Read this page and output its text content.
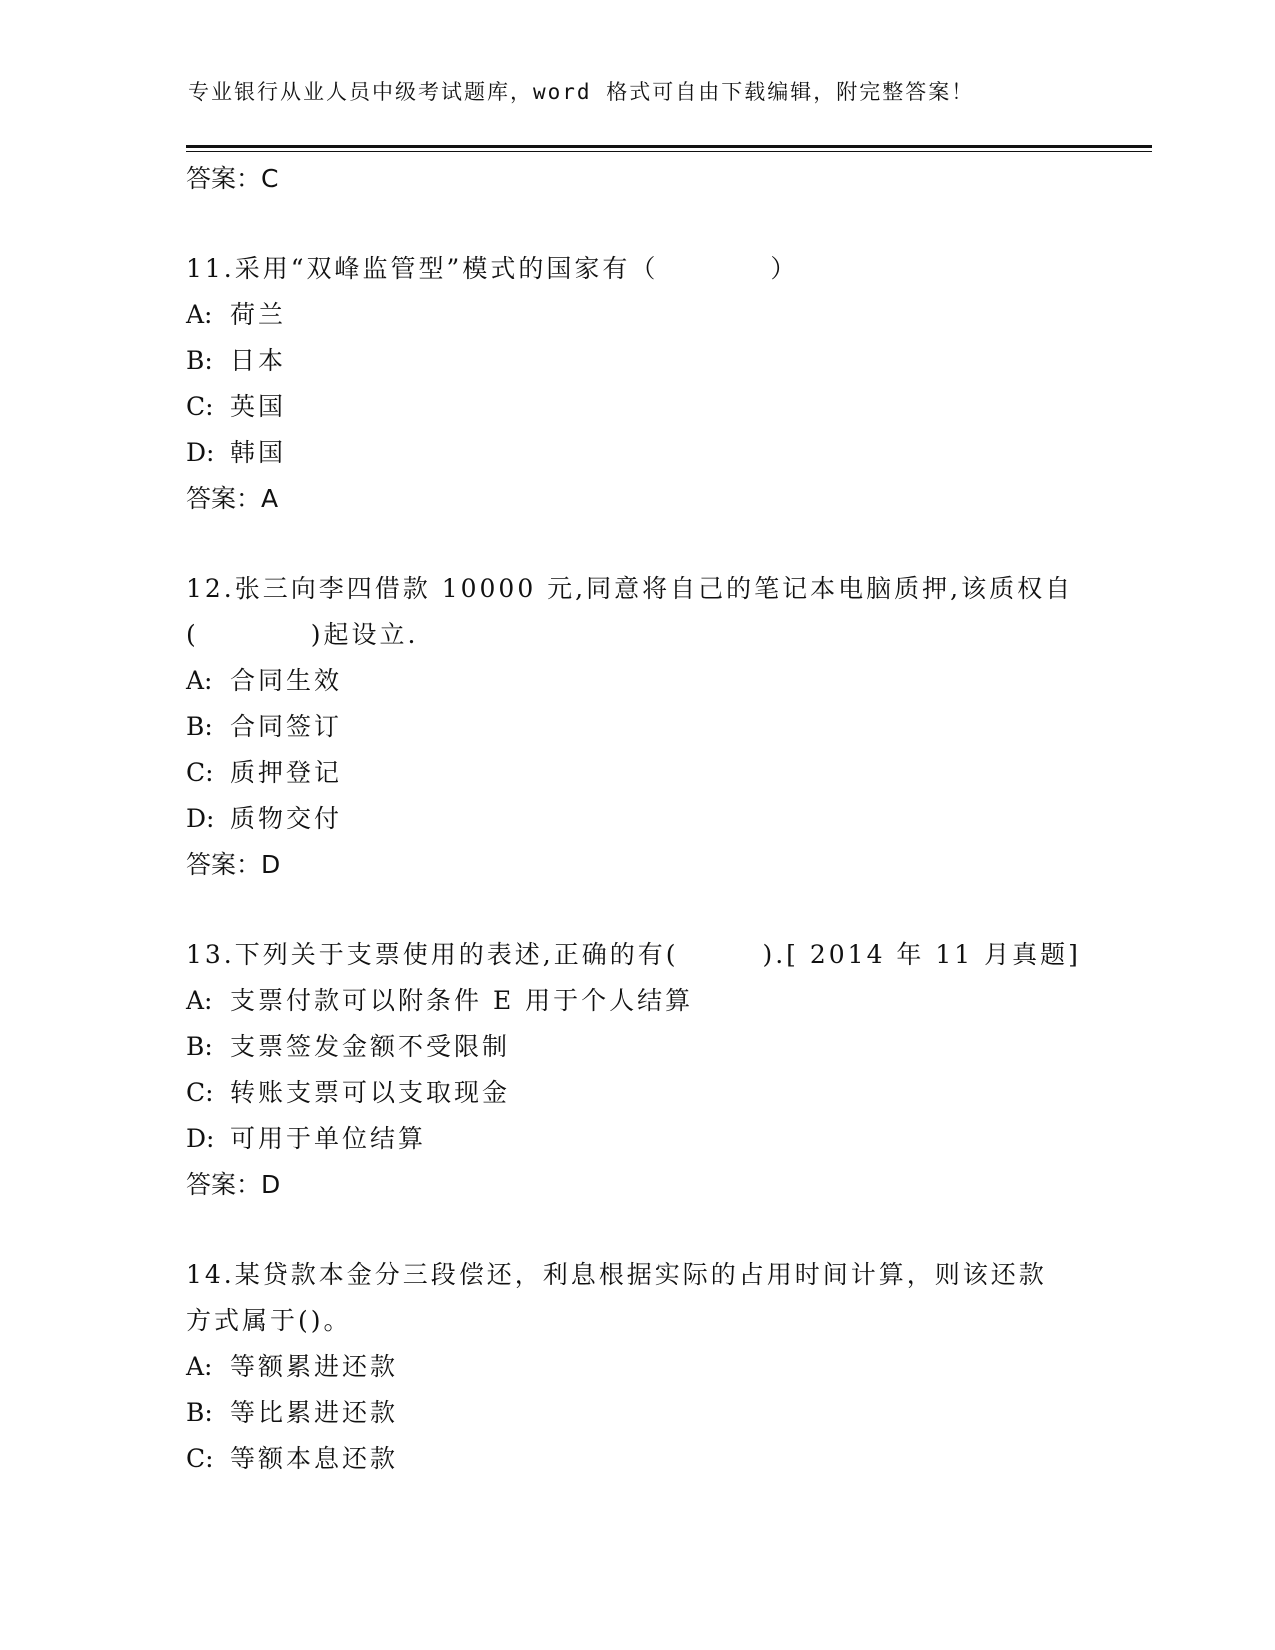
专业银行从业人员中级考试题库，word 格式可自由下载编辑，附完整答案！
答案：C
11.采用“双峰监管型”模式的国家有（　　　　）
A: 荷兰
B: 日本
C: 英国
D: 韩国
答案：A
12.张三向李四借款 10000 元,同意将自己的笔记本电脑质押,该质权自
(　　　　)起设立.
A: 合同生效
B: 合同签订
C: 质押登记
D: 质物交付
答案：D
13.下列关于支票使用的表述,正确的有(　　　).[ 2014 年 11 月真题]
A: 支票付款可以附条件 E 用于个人结算
B: 支票签发金额不受限制
C: 转账支票可以支取现金
D: 可用于单位结算
答案：D
14.某贷款本金分三段偿还，利息根据实际的占用时间计算，则该还款
方式属于()。
A: 等额累进还款
B: 等比累进还款
C: 等额本息还款
